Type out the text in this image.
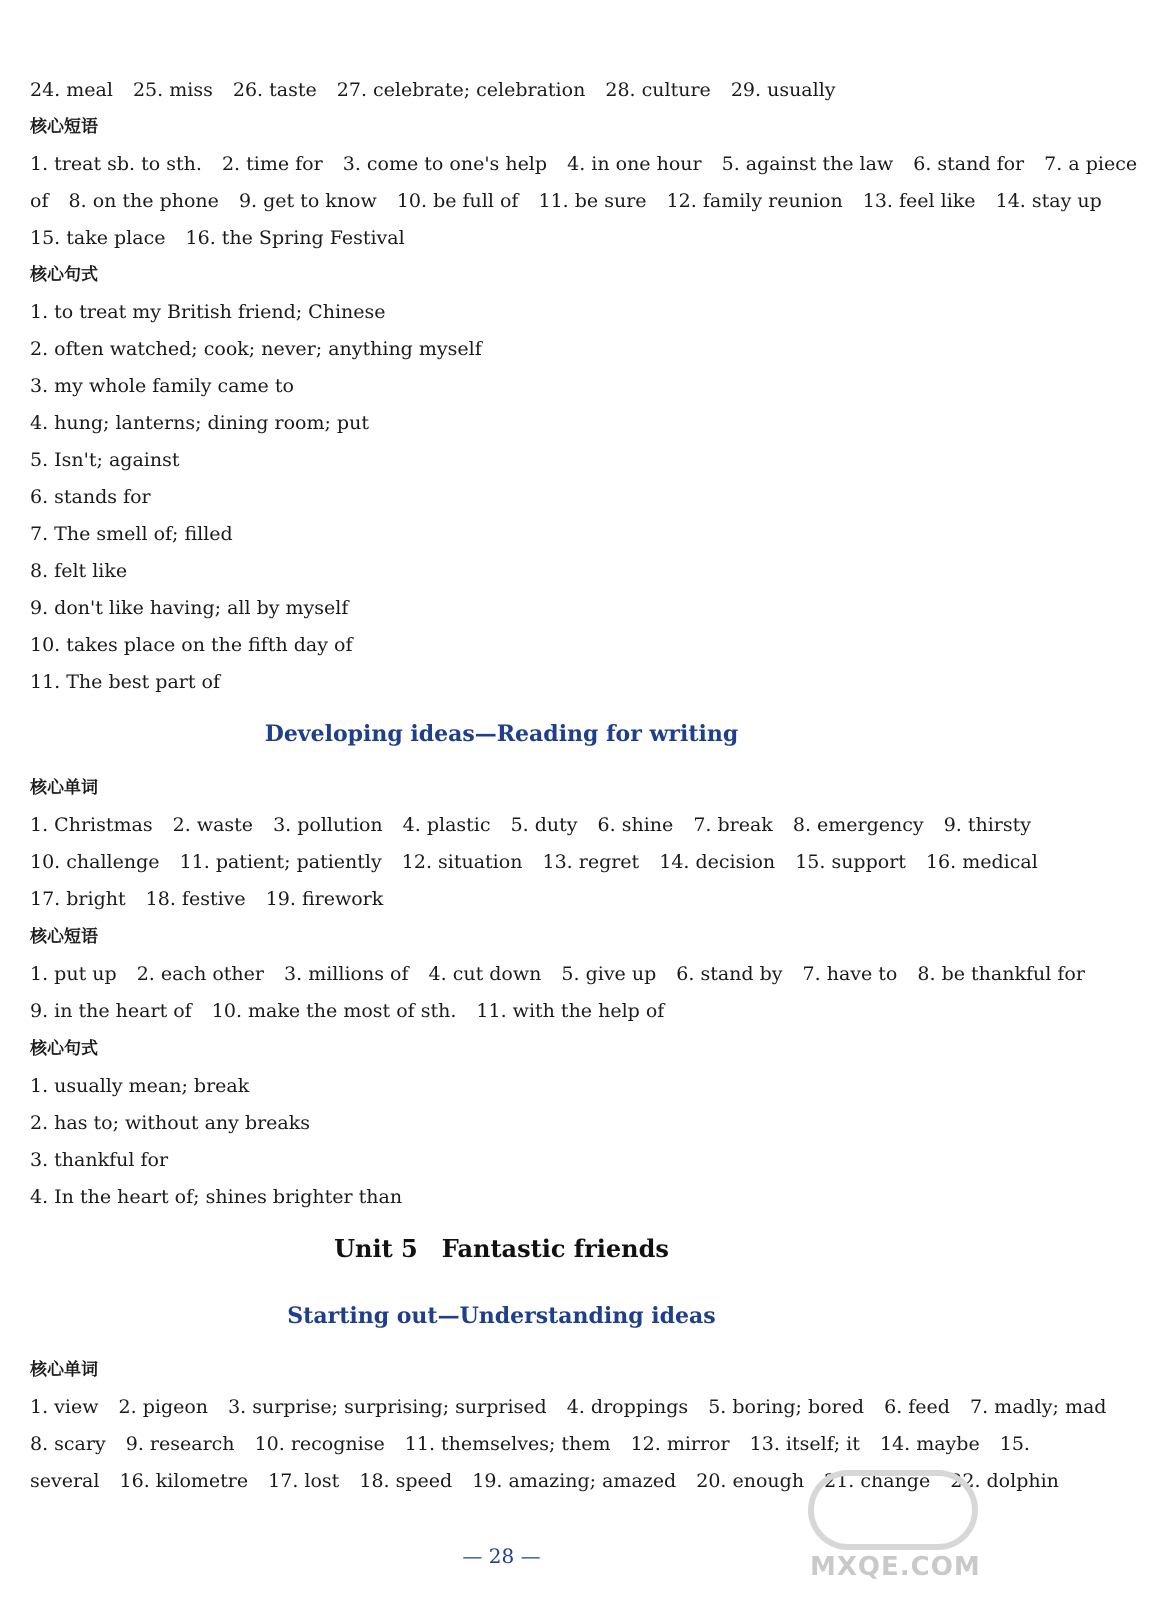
24. meal 25. miss 26. taste 27. celebrate; celebration 28. culture 29. usually
核心短语
1. treat sb. to sth. 2. time for 3. come to one's help 4. in one hour 5. against the law 6. stand for 7. a piece
of 8. on the phone 9. get to know 10. be full of 11. be sure 12. family reunion 13. feel like 14. stay up
15. take place 16. the Spring Festival
核心句式
1. to treat my British friend; Chinese
2. often watched; cook; never; anything myself
3. my whole family came to
4. hung; lanterns; dining room; put
5. Isn't; against
6. stands for
7. The smell of; filled
8. felt like
9. don't like having; all by myself
10. takes place on the fifth day of
11. The best part of
Developing ideas—Reading for writing
核心单词
1. Christmas 2. waste 3. pollution 4. plastic 5. duty 6. shine 7. break 8. emergency 9. thirsty
10. challenge 11. patient; patiently 12. situation 13. regret 14. decision 15. support 16. medical
17. bright 18. festive 19. firework
核心短语
1. put up 2. each other 3. millions of 4. cut down 5. give up 6. stand by 7. have to 8. be thankful for
9. in the heart of 10. make the most of sth. 11. with the help of
核心句式
1. usually mean; break
2. has to; without any breaks
3. thankful for
4. In the heart of; shines brighter than
Unit 5 Fantastic friends
Starting out—Understanding ideas
核心单词
1. view 2. pigeon 3. surprise; surprising; surprised 4. droppings 5. boring; bored 6. feed 7. madly; mad
8. scary 9. research 10. recognise 11. themselves; them 12. mirror 13. itself; it 14. maybe 15.
several 16. kilometre 17. lost 18. speed 19. amazing; amazed 20. enough 21. change 22. dolphin
— 28 —	MXQE.COM
